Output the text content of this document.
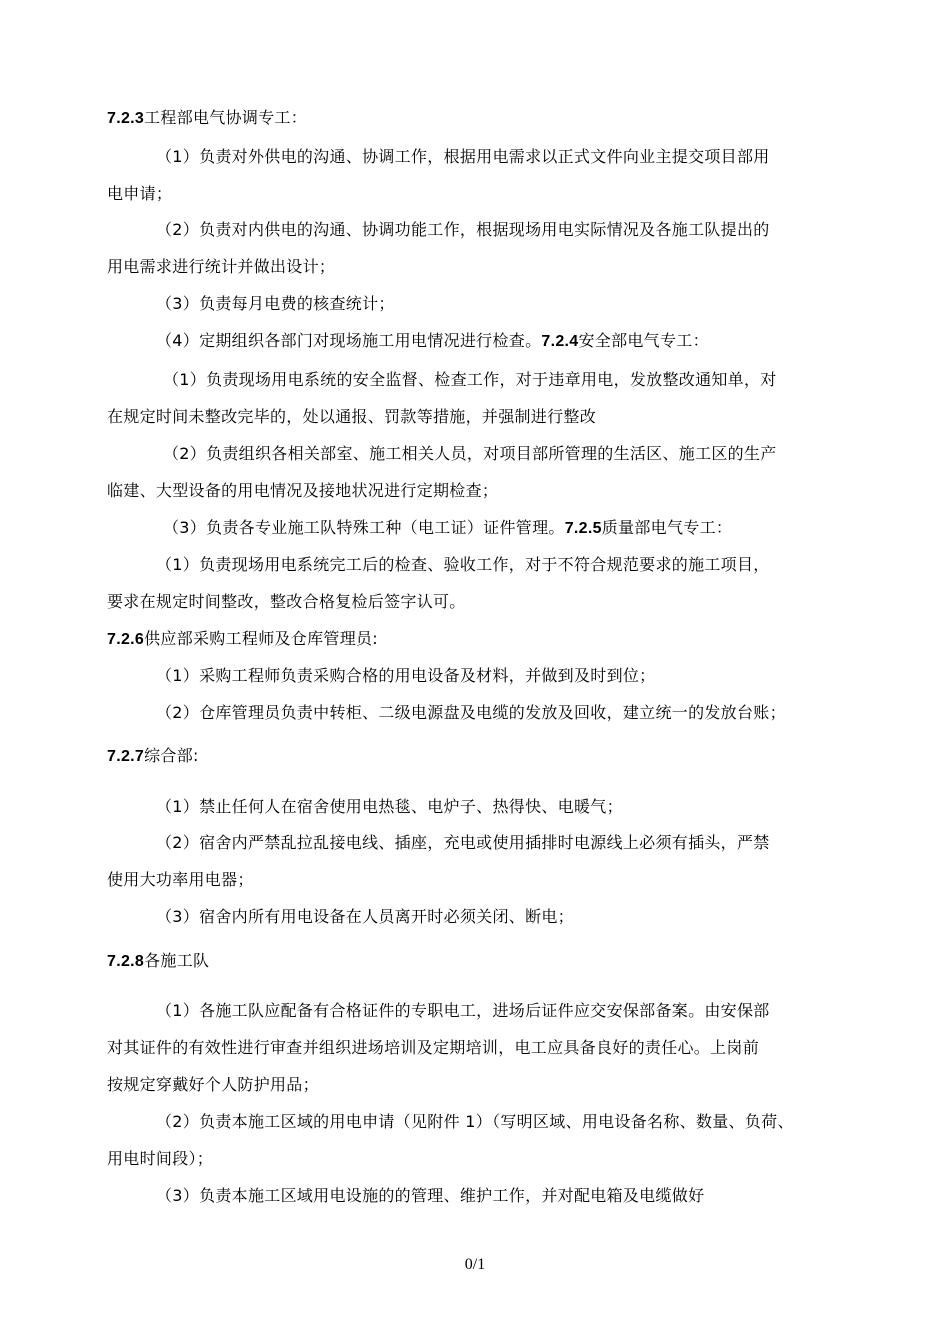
7.2.3工程部电气协调专工：
（1）负责对外供电的沟通、协调工作，根据用电需求以正式文件向业主提交项目部用
电申请；
（2）负责对内供电的沟通、协调功能工作，根据现场用电实际情况及各施工队提出的
用电需求进行统计并做出设计；
（3）负责每月电费的核查统计；
（4）定期组织各部门对现场施工用电情况进行检查。7.2.4安全部电气专工：
（1）负责现场用电系统的安全监督、检查工作，对于违章用电，发放整改通知单，对
在规定时间未整改完毕的，处以通报、罚款等措施，并强制进行整改
（2）负责组织各相关部室、施工相关人员，对项目部所管理的生活区、施工区的生产
临建、大型设备的用电情况及接地状况进行定期检查；
（3）负责各专业施工队特殊工种（电工证）证件管理。7.2.5质量部电气专工：
（1）负责现场用电系统完工后的检查、验收工作，对于不符合规范要求的施工项目，
要求在规定时间整改，整改合格复检后签字认可。
7.2.6供应部采购工程师及仓库管理员:
（1）采购工程师负责采购合格的用电设备及材料，并做到及时到位；
（2）仓库管理员负责中转柜、二级电源盘及电缆的发放及回收，建立统一的发放台账；
7.2.7综合部:
（1）禁止任何人在宿舍使用电热毯、电炉子、热得快、电暖气；
（2）宿舍内严禁乱拉乱接电线、插座，充电或使用插排时电源线上必须有插头，严禁
使用大功率用电器；
（3）宿舍内所有用电设备在人员离开时必须关闭、断电；
7.2.8各施工队
（1）各施工队应配备有合格证件的专职电工，进场后证件应交安保部备案。由安保部
对其证件的有效性进行审查并组织进场培训及定期培训，电工应具备良好的责任心。上岗前
按规定穿戴好个人防护用品；
（2）负责本施工区域的用电申请（见附件 1）（写明区域、用电设备名称、数量、负荷、
用电时间段）；
（3）负责本施工区域用电设施的的管理、维护工作，并对配电箱及电缆做好
0/1
